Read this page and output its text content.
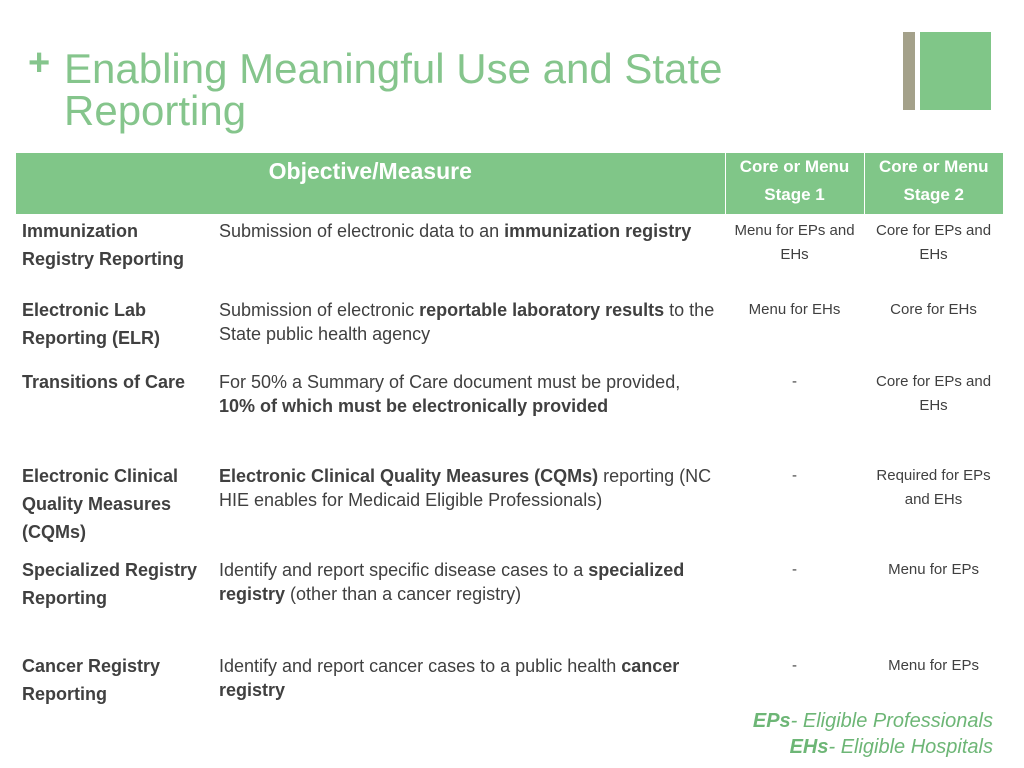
+ Enabling Meaningful Use and State Reporting
Objective/Measure		Core or Menu Stage 1	Core or Menu Stage 2
Immunization Registry Reporting	Submission of electronic data to an immunization registry	Menu for EPs and EHs	Core for EPs and EHs
Electronic Lab Reporting (ELR)	Submission of electronic reportable laboratory results to the State public health agency	Menu for EHs	Core for EHs
Transitions of Care	For 50% a Summary of Care document must be provided, 10% of which must be electronically provided	-	Core for EPs and EHs
Electronic Clinical Quality Measures (CQMs)	Electronic Clinical Quality Measures (CQMs) reporting (NC HIE enables for Medicaid Eligible Professionals)	-	Required for EPs and EHs
Specialized Registry Reporting	Identify and report specific disease cases to a specialized registry (other than a cancer registry)	-	Menu for EPs
Cancer Registry Reporting	Identify and report cancer cases to a public health cancer registry	-	Menu for EPs
EPs- Eligible Professionals
EHs- Eligible Hospitals
